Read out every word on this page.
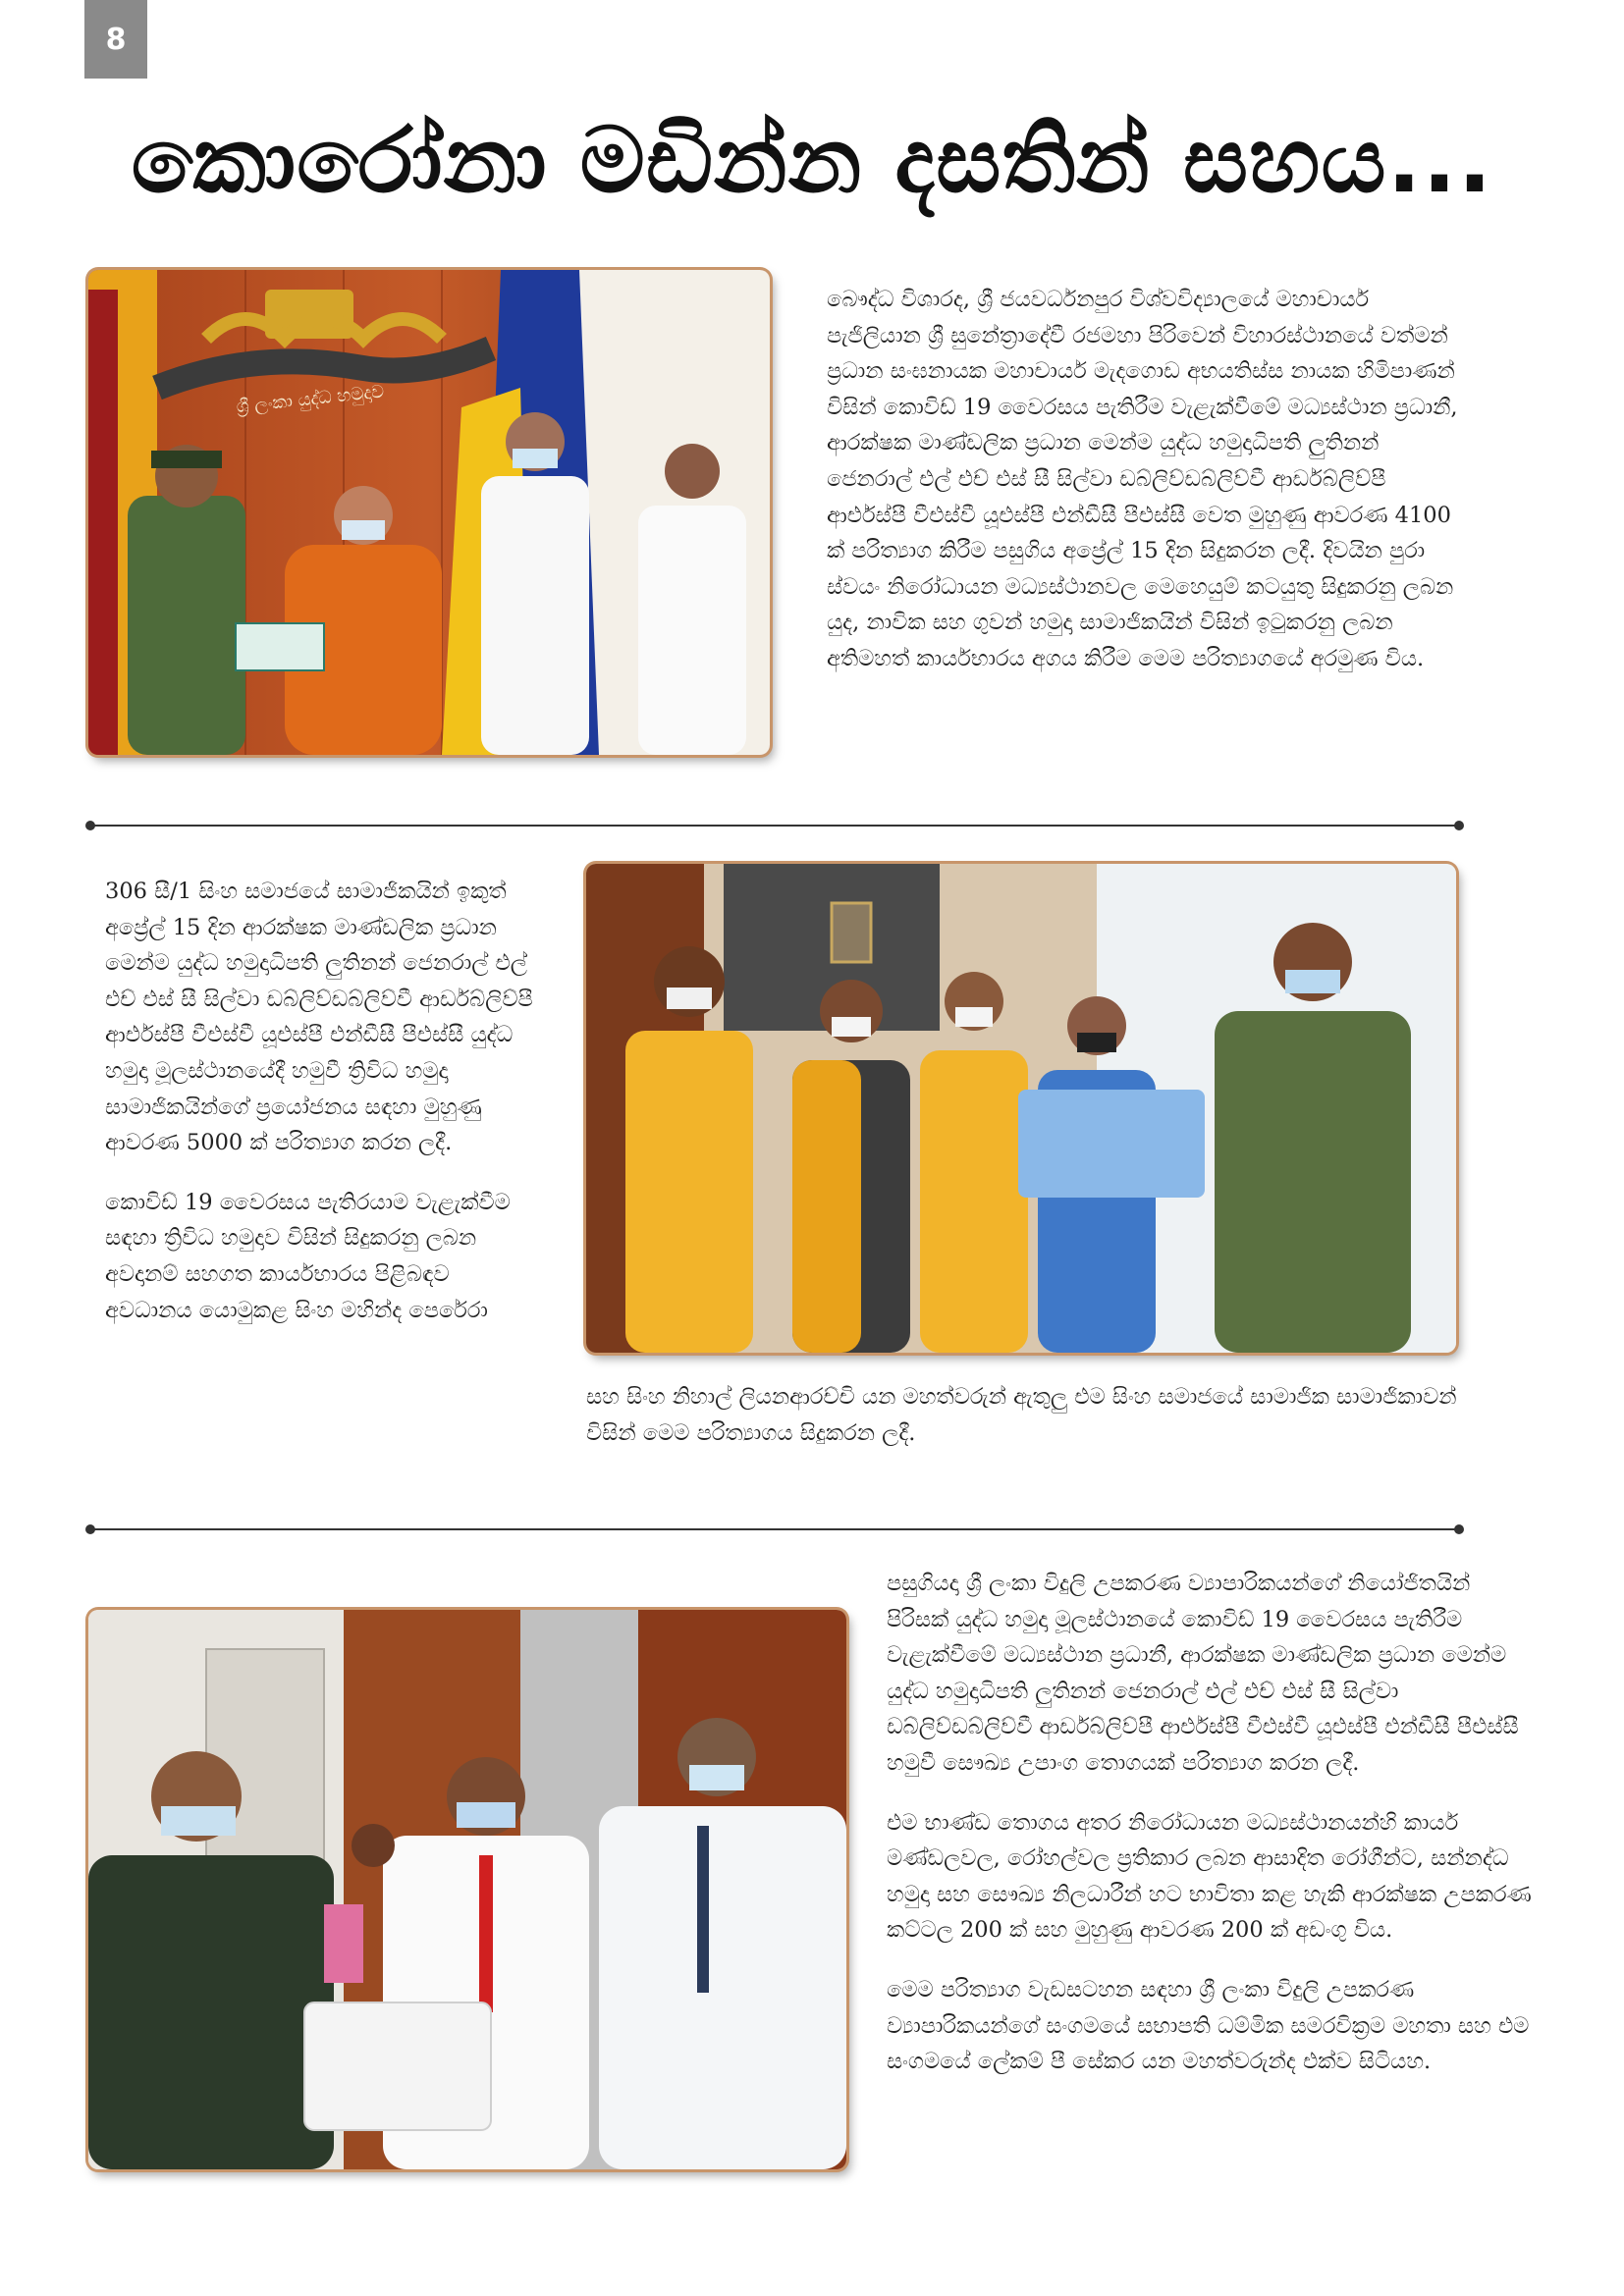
8
කොරෝනා මඩින්න දසතින් සහය...
ශ්‍රී ලංකා යුද්ධ හමුදාව

බෞද්ධ විශාරද, ශ්‍රී ජයවර්ධනපුර විශ්වවිද්‍යාලයේ මහාචාර්ය පැජිලියාන ශ්‍රී සුනේත්‍රාදේවී රජමහා පිරිවෙන් විහාරස්ථානයේ වත්මන් ප්‍රධාන සංඝනායක මහාචාර්ය මැදගොඩ අභයතිස්ස නායක හිමිපාණන් විසින් කොවිඩ් 19 වෛරසය පැතිරීම වැළැක්වීමේ මධ්‍යස්ථාන ප්‍රධානී, ආරක්ෂක මාණ්ඩලික ප්‍රධාන මෙන්ම යුද්ධ හමුදාධිපති ලුතිනන් ජෙනරාල් එල් එච් එස් සී සිල්වා ඩබ්ලිව්ඩබ්ලිව්වී ආර්ඩබ්ලිව්පී ආර්එස්පී වීඑස්වී යූඑස්පී එන්ඩීසී පීඑස්සී වෙත මුහුණු ආවරණ 4100 ක් පරිත්‍යාග කිරීම පසුගිය අප්‍රේල් 15 දින සිදුකරන ලදී. දිවයින පුරා ස්වයං නිරෝධායන මධ්‍යස්ථානවල මෙහෙයුම් කටයුතු සිදුකරනු ලබන යුද, නාවික සහ ගුවන් හමුදා සාමාජිකයින් විසින් ඉටුකරනු ලබන අතිමහත් කාර්යභාරය අගය කිරීම මෙම පරිත්‍යාගයේ අරමුණ විය.

306 සී/1 සිංහ සමාජයේ සාමාජිකයින් ඉකුත් අප්‍රේල් 15 දින ආරක්ෂක මාණ්ඩලික ප්‍රධාන මෙන්ම යුද්ධ හමුදාධිපති ලුතිනන් ජෙනරාල් එල් එච් එස් සී සිල්වා ඩබ්ලිව්ඩබ්ලිව්වී ආර්ඩබ්ලිව්පී ආර්එස්පී වීඑස්වී යූඑස්පී එන්ඩීසී පීඑස්සී යුද්ධ හමුදා මූලස්ථානයේදී හමුවී ත්‍රිවිධ හමුදා සාමාජිකයින්ගේ ප්‍රයෝජනය සඳහා මුහුණු ආවරණ 5000 ක් පරිත්‍යාග කරන ලදී.

කොවිඩ් 19 වෛරසය පැතිරයාම වැළැක්වීම සඳහා ත්‍රිවිධ හමුදාව විසින් සිදුකරනු ලබන අවදානම් සහගත කාර්යභාරය පිළිබඳව අවධානය යොමුකළ සිංහ මහින්ද පෙරේරා

සහ සිංහ නිහාල් ලියනආරච්චි යන මහත්වරුන් ඇතුලු එම සිංහ සමාජයේ සාමාජික සාමාජිකාවන් විසින් මෙම පරිත්‍යාගය සිදුකරන ලදී.

පසුගියදා ශ්‍රී ලංකා විදුලි උපකරණ ව්‍යාපාරිකයන්ගේ නියෝජිතයින් පිරිසක් යුද්ධ හමුදා මූලස්ථානයේ කොවිඩ් 19 වෛරසය පැතිරීම වැළැක්වීමේ මධ්‍යස්ථාන ප්‍රධානී, ආරක්ෂක මාණ්ඩලික ප්‍රධාන මෙන්ම යුද්ධ හමුදාධිපති ලුතිනන් ජෙනරාල් එල් එච් එස් සී සිල්වා ඩබ්ලිව්ඩබ්ලිව්වී ආර්ඩබ්ලිව්පී ආර්එස්පී වීඑස්වී යූඑස්පී එන්ඩීසී පීඑස්සී හමුවී සෞඛ්‍ය උපාංග තොගයක් පරිත්‍යාග කරන ලදී.

එම භාණ්ඩ තොගය අතර නිරෝධායන මධ්‍යස්ථානයන්හි කාර්ය මණ්ඩලවල, රෝහල්වල ප්‍රතිකාර ලබන ආසාදිත රෝගීන්ට, සන්නද්ධ හමුදා සහ සෞඛ්‍ය නිලධාරීන් හට භාවිතා කළ හැකි ආරක්ෂක උපකරණ කට්ටල 200 ක් සහ මුහුණු ආවරණ 200 ක් අඩංගු විය.

මෙම පරිත්‍යාග වැඩසටහන සඳහා ශ්‍රී ලංකා විදුලි උපකරණ ව්‍යාපාරිකයන්ගේ සංගමයේ සභාපති ධම්මික සමරවික්‍රම මහතා සහ එම සංගමයේ ලේකම් පී සේකර යන මහත්වරුන්ද එක්ව සිටියහ.
